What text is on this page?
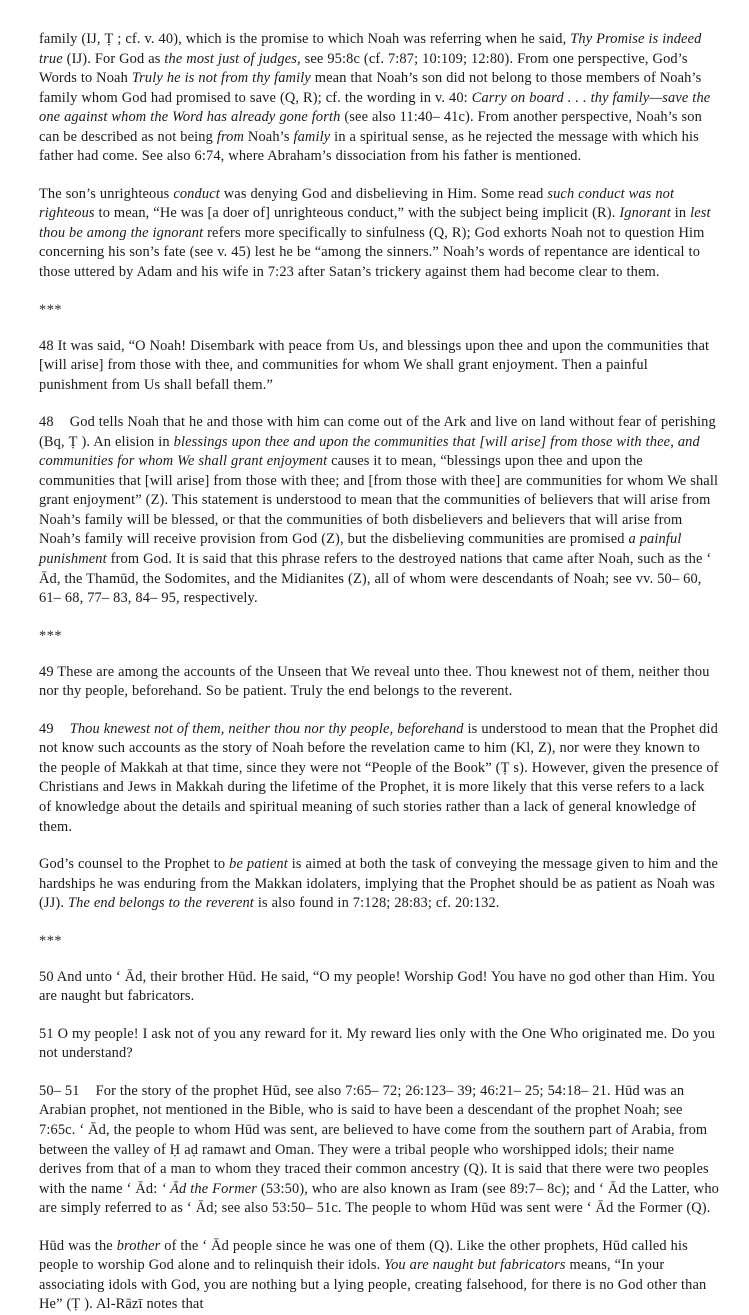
family (IJ, Ṭ ; cf. v. 40), which is the promise to which Noah was referring when he said, Thy Promise is indeed true (IJ). For God as the most just of judges, see 95:8c (cf. 7:87; 10:109; 12:80). From one perspective, God’s Words to Noah Truly he is not from thy family mean that Noah’s son did not belong to those members of Noah’s family whom God had promised to save (Q, R); cf. the wording in v. 40: Carry on board . . . thy family—save the one against whom the Word has already gone forth (see also 11:40– 41c). From another perspective, Noah’s son can be described as not being from Noah’s family in a spiritual sense, as he rejected the message with which his father had come. See also 6:74, where Abraham’s dissociation from his father is mentioned.

The son’s unrighteous conduct was denying God and disbelieving in Him. Some read such conduct was not righteous to mean, “He was [a doer of] unrighteous conduct,” with the subject being implicit (R). Ignorant in lest thou be among the ignorant refers more specifically to sinfulness (Q, R); God exhorts Noah not to question Him concerning his son’s fate (see v. 45) lest he be “among the sinners.” Noah’s words of repentance are identical to those uttered by Adam and his wife in 7:23 after Satan’s trickery against them had become clear to them.

***

48 It was said, “O Noah! Disembark with peace from Us, and blessings upon thee and upon the communities that [will arise] from those with thee, and communities for whom We shall grant enjoyment. Then a painful punishment from Us shall befall them.”

48 God tells Noah that he and those with him can come out of the Ark and live on land without fear of perishing (Bq, Ṭ ). An elision in blessings upon thee and upon the communities that [will arise] from those with thee, and communities for whom We shall grant enjoyment causes it to mean, “blessings upon thee and upon the communities that [will arise] from those with thee; and [from those with thee] are communities for whom We shall grant enjoyment” (Z). This statement is understood to mean that the communities of believers that will arise from Noah’s family will be blessed, or that the communities of both disbelievers and believers that will arise from Noah’s family will receive provision from God (Z), but the disbelieving communities are promised a painful punishment from God. It is said that this phrase refers to the destroyed nations that came after Noah, such as the ʻ Ād, the Thamūd, the Sodomites, and the Midianites (Z), all of whom were descendants of Noah; see vv. 50– 60, 61– 68, 77– 83, 84– 95, respectively.

***

49 These are among the accounts of the Unseen that We reveal unto thee. Thou knewest not of them, neither thou nor thy people, beforehand. So be patient. Truly the end belongs to the reverent.

49 Thou knewest not of them, neither thou nor thy people, beforehand is understood to mean that the Prophet did not know such accounts as the story of Noah before the revelation came to him (Kl, Z), nor were they known to the people of Makkah at that time, since they were not “People of the Book” (Ṭ s). However, given the presence of Christians and Jews in Makkah during the lifetime of the Prophet, it is more likely that this verse refers to a lack of knowledge about the details and spiritual meaning of such stories rather than a lack of general knowledge of them.

God’s counsel to the Prophet to be patient is aimed at both the task of conveying the message given to him and the hardships he was enduring from the Makkan idolaters, implying that the Prophet should be as patient as Noah was (JJ). The end belongs to the reverent is also found in 7:128; 28:83; cf. 20:132.

***

50 And unto ʻ Ād, their brother Hūd. He said, “O my people! Worship God! You have no god other than Him. You are naught but fabricators.

51 O my people! I ask not of you any reward for it. My reward lies only with the One Who originated me. Do you not understand?

50– 51 For the story of the prophet Hūd, see also 7:65– 72; 26:123– 39; 46:21– 25; 54:18– 21. Hūd was an Arabian prophet, not mentioned in the Bible, who is said to have been a descendant of the prophet Noah; see 7:65c. ʻ Ād, the people to whom Hūd was sent, are believed to have come from the southern part of Arabia, from between the valley of Ḥ aḍ ramawt and Oman. They were a tribal people who worshipped idols; their name derives from that of a man to whom they traced their common ancestry (Q). It is said that there were two peoples with the name ʻ Ād: ʻ Ād the Former (53:50), who are also known as Iram (see 89:7– 8c); and ʻ Ād the Latter, who are simply referred to as ʻ Ād; see also 53:50– 51c. The people to whom Hūd was sent were ʻ Ād the Former (Q).

Hūd was the brother of the ʻ Ād people since he was one of them (Q). Like the other prophets, Hūd called his people to worship God alone and to relinquish their idols. You are naught but fabricators means, “In your associating idols with God, you are nothing but a lying people, creating falsehood, for there is no God other than He” (Ṭ ). Al-Rāzī notes that
